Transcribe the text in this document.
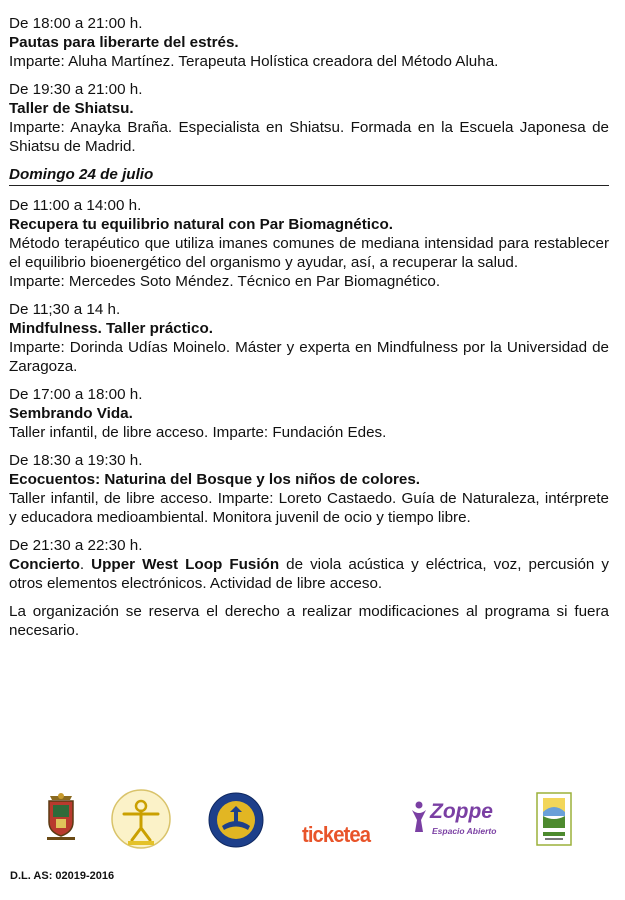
De 18:00 a 21:00 h.
Pautas para liberarte del estrés.
Imparte: Aluha Martínez. Terapeuta Holística creadora del Método Aluha.
De 19:30 a 21:00 h.
Taller de Shiatsu.
Imparte: Anayka Braña. Especialista en Shiatsu. Formada en la Escuela Japonesa de Shiatsu de Madrid.
Domingo 24 de julio
De 11:00 a 14:00 h.
Recupera tu equilibrio natural con Par Biomagnético.
Método terapéutico que utiliza imanes comunes de mediana intensidad para restablecer el equilibrio bioenergético del organismo y ayudar, así, a recuperar la salud.
Imparte: Mercedes Soto Méndez. Técnico en Par Biomagnético.
De 11;30 a 14 h.
Mindfulness. Taller práctico.
Imparte: Dorinda Udías Moinelo. Máster y experta en Mindfulness por la Universidad de Zaragoza.
De 17:00 a 18:00 h.
Sembrando Vida.
Taller infantil, de libre acceso. Imparte: Fundación Edes.
De 18:30 a 19:30 h.
Ecocuentos: Naturina del Bosque y los niños de colores.
Taller infantil, de libre acceso. Imparte: Loreto Castaedo. Guía de Naturaleza, intérprete y educadora medioambiental. Monitora juvenil de ocio y tiempo libre.
De 21:30 a 22:30 h.
Concierto. Upper West Loop Fusión de viola acústica y eléctrica, voz, percusión y otros elementos electrónicos. Actividad de libre acceso.
La organización se reserva el derecho a realizar modificaciones al programa si fuera necesario.
ticketea
Zoppe
Espacio Abierto
D.L. AS: 02019-2016
